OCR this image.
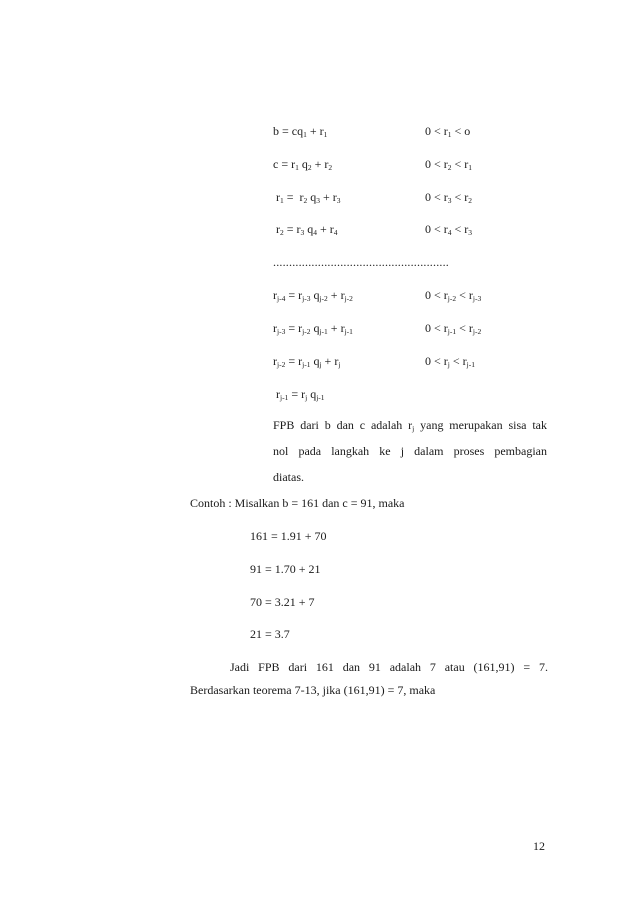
$b = cq_1 + r_1$	$0 < r_1 < o$
$c = r_1$ $q_2 + r_2$	$0 < r_2 < r_1$
$r_1 = r_2$ $q_3 + r_3$	$0 < r_3 < r_2$
$r_2 = r_3$ $q_4 + r_4$	$0 < r_4 < r_3$
.......................................................
$r_{j-4} = r_{j-3}$ $q_{j-2} + r_{j-2}$	$0 < r_{j-2} < r_{j-3}$
$r_{j-3} = r_{j-2}$ $q_{j-1} + r_{j-1}$	$0 < r_{j-1} < r_{j-2}$
$r_{j-2} = r_{j-1}$ $q_j + r_j$	$0 < r_j < r_{j-1}$
$r_{j-1} = r_j$ $q_{j-1}$
FPB dari b dan c adalah $r_j$ yang merupakan sisa tak
nol pada langkah ke j dalam proses pembagian
diatas.
Contoh : Misalkan b = 161 dan c = 91, maka
161 = 1.91 + 70
91 = 1.70 + 21
70 = 3.21 + 7
21 = 3.7
Jadi FPB dari 161 dan 91 adalah 7 atau (161,91) = 7.
Berdasarkan teorema 7-13, jika (161,91) = 7, maka
12
